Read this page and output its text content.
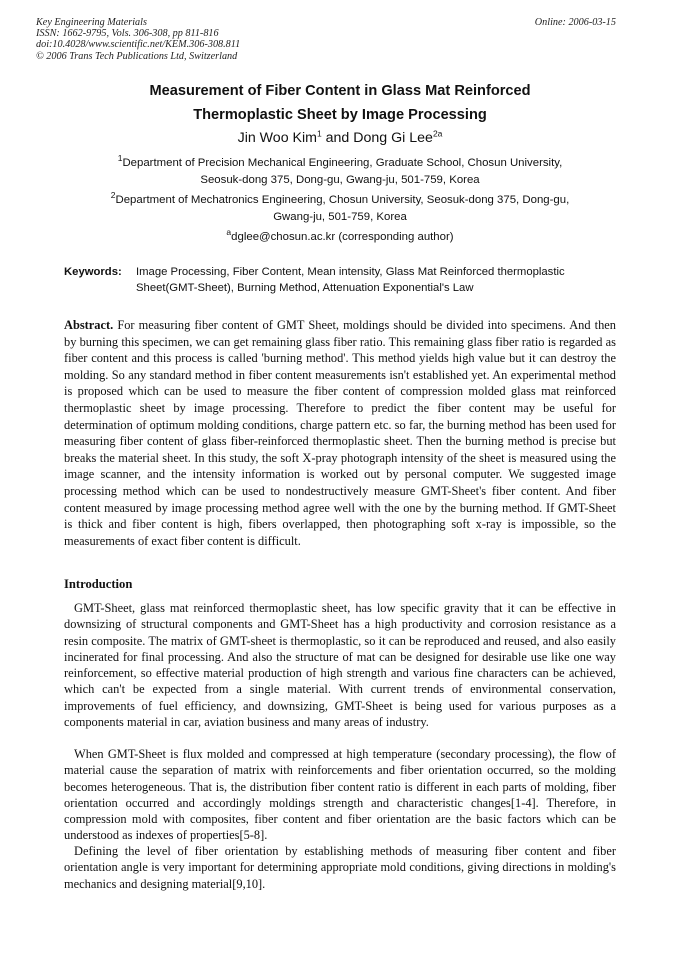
Key Engineering Materials
ISSN: 1662-9795, Vols. 306-308, pp 811-816
doi:10.4028/www.scientific.net/KEM.306-308.811
© 2006 Trans Tech Publications Ltd, Switzerland
Online: 2006-03-15
Measurement of Fiber Content in Glass Mat Reinforced
Thermoplastic Sheet by Image Processing
Jin Woo Kim$^1$ and Dong Gi Lee$^{2a}$
$^1$Department of Precision Mechanical Engineering, Graduate School, Chosun University,
Seosuk-dong 375, Dong-gu, Gwang-ju, 501-759, Korea
$^2$Department of Mechatronics Engineering, Chosun University, Seosuk-dong 375, Dong-gu,
Gwang-ju, 501-759, Korea
$^a$dglee@chosun.ac.kr (corresponding author)
Keywords:	Image Processing, Fiber Content, Mean intensity, Glass Mat Reinforced thermoplastic Sheet(GMT-Sheet), Burning Method, Attenuation Exponential's Law
Abstract. For measuring fiber content of GMT Sheet, moldings should be divided into specimens. And then by burning this specimen, we can get remaining glass fiber ratio. This remaining glass fiber ratio is regarded as fiber content and this process is called 'burning method'. This method yields high value but it can destroy the molding. So any standard method in fiber content measurements isn't established yet. An experimental method is proposed which can be used to measure the fiber content of compression molded glass mat reinforced thermoplastic sheet by image processing. Therefore to predict the fiber content may be useful for determination of optimum molding conditions, charge pattern etc. so far, the burning method has been used for measuring fiber content of glass fiber-reinforced thermoplastic sheet. Then the burning method is precise but breaks the material sheet. In this study, the soft X-pray photograph intensity of the sheet is measured using the image scanner, and the intensity information is worked out by personal computer. We suggested image processing method which can be used to nondestructively measure GMT-Sheet's fiber content. And fiber content measured by image processing method agree well with the one by the burning method. If GMT-Sheet is thick and fiber content is high, fibers overlapped, then photographing soft x-ray is impossible, so the measurements of exact fiber content is difficult.
Introduction
GMT-Sheet, glass mat reinforced thermoplastic sheet, has low specific gravity that it can be effective in downsizing of structural components and GMT-Sheet has a high productivity and corrosion resistance as a resin composite. The matrix of GMT-sheet is thermoplastic, so it can be reproduced and reused, and also easily incinerated for final processing. And also the structure of mat can be designed for desirable use like one way reinforcement, so effective material production of high strength and various fine characters can be achieved, which can't be expected from a single material. With current trends of environmental conservation, improvements of fuel efficiency, and downsizing, GMT-Sheet is being used for various purposes as a components material in car, aviation business and many areas of industry.
When GMT-Sheet is flux molded and compressed at high temperature (secondary processing), the flow of material cause the separation of matrix with reinforcements and fiber orientation occurred, so the molding becomes heterogeneous. That is, the distribution fiber content ratio is different in each parts of molding, fiber orientation occurred and accordingly moldings strength and characteristic changes[1-4]. Therefore, in compression mold with composites, fiber content and fiber orientation are the basic factors which can be understood as indexes of properties[5-8].
Defining the level of fiber orientation by establishing methods of measuring fiber content and fiber orientation angle is very important for determining appropriate mold conditions, giving directions in molding's mechanics and designing material[9,10].
